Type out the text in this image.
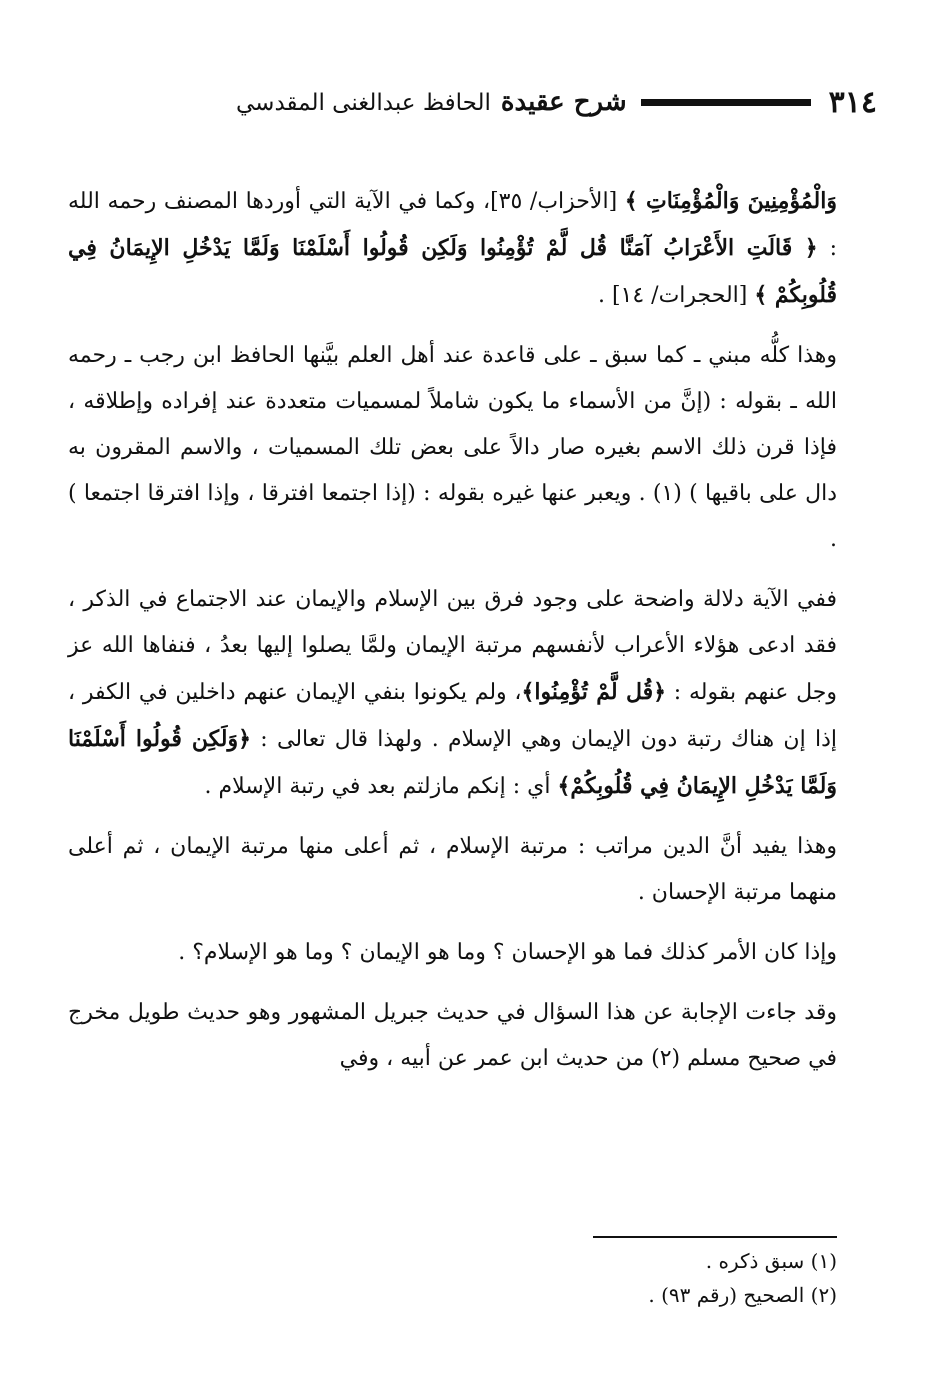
٣١٤
شرح عقيدة
الحافظ عبدالغنى المقدسي

وَالْمُؤْمِنِينَ وَالْمُؤْمِنَاتِ ﴾ [الأحزاب/ ٣٥]، وكما في الآية التي أوردها المصنف رحمه الله : ﴿ قَالَتِ الأَعْرَابُ آمَنَّا قُل لَّمْ تُؤْمِنُوا وَلَكِن قُولُوا أَسْلَمْنَا وَلَمَّا يَدْخُلِ الإِيمَانُ فِي قُلُوبِكُمْ ﴾ [الحجرات/ ١٤] .

وهذا كلُّه مبني ـ كما سبق ـ على قاعدة عند أهل العلم بيَّنها الحافظ ابن رجب ـ رحمه الله ـ بقوله : (إنَّ من الأسماء ما يكون شاملاً لمسميات متعددة عند إفراده وإطلاقه ، فإذا قرن ذلك الاسم بغيره صار دالاً على بعض تلك المسميات ، والاسم المقرون به دال على باقيها ) (١) . ويعبر عنها غيره بقوله : (إذا اجتمعا افترقا ، وإذا افترقا اجتمعا ) .

ففي الآية دلالة واضحة على وجود فرق بين الإسلام والإيمان عند الاجتماع في الذكر ، فقد ادعى هؤلاء الأعراب لأنفسهم مرتبة الإيمان ولمَّا يصلوا إليها بعدُ ، فنفاها الله عز وجل عنهم بقوله : ﴿قُل لَّمْ تُؤْمِنُوا﴾، ولم يكونوا بنفي الإيمان عنهم داخلين في الكفر ، إذا إن هناك رتبة دون الإيمان وهي الإسلام . ولهذا قال تعالى : ﴿وَلَكِن قُولُوا أَسْلَمْنَا وَلَمَّا يَدْخُلِ الإِيمَانُ فِي قُلُوبِكُمْ﴾ أي : إنكم مازلتم بعد في رتبة الإسلام .

وهذا يفيد أنَّ الدين مراتب : مرتبة الإسلام ، ثم أعلى منها مرتبة الإيمان ، ثم أعلى منهما مرتبة الإحسان .

وإذا كان الأمر كذلك فما هو الإحسان ؟ وما هو الإيمان ؟ وما هو الإسلام؟ .

وقد جاءت الإجابة عن هذا السؤال في حديث جبريل المشهور وهو حديث طويل مخرج في صحيح مسلم (٢) من حديث ابن عمر عن أبيه ، وفي

(١) سبق ذكره .
(٢) الصحيح (رقم ٩٣) .
